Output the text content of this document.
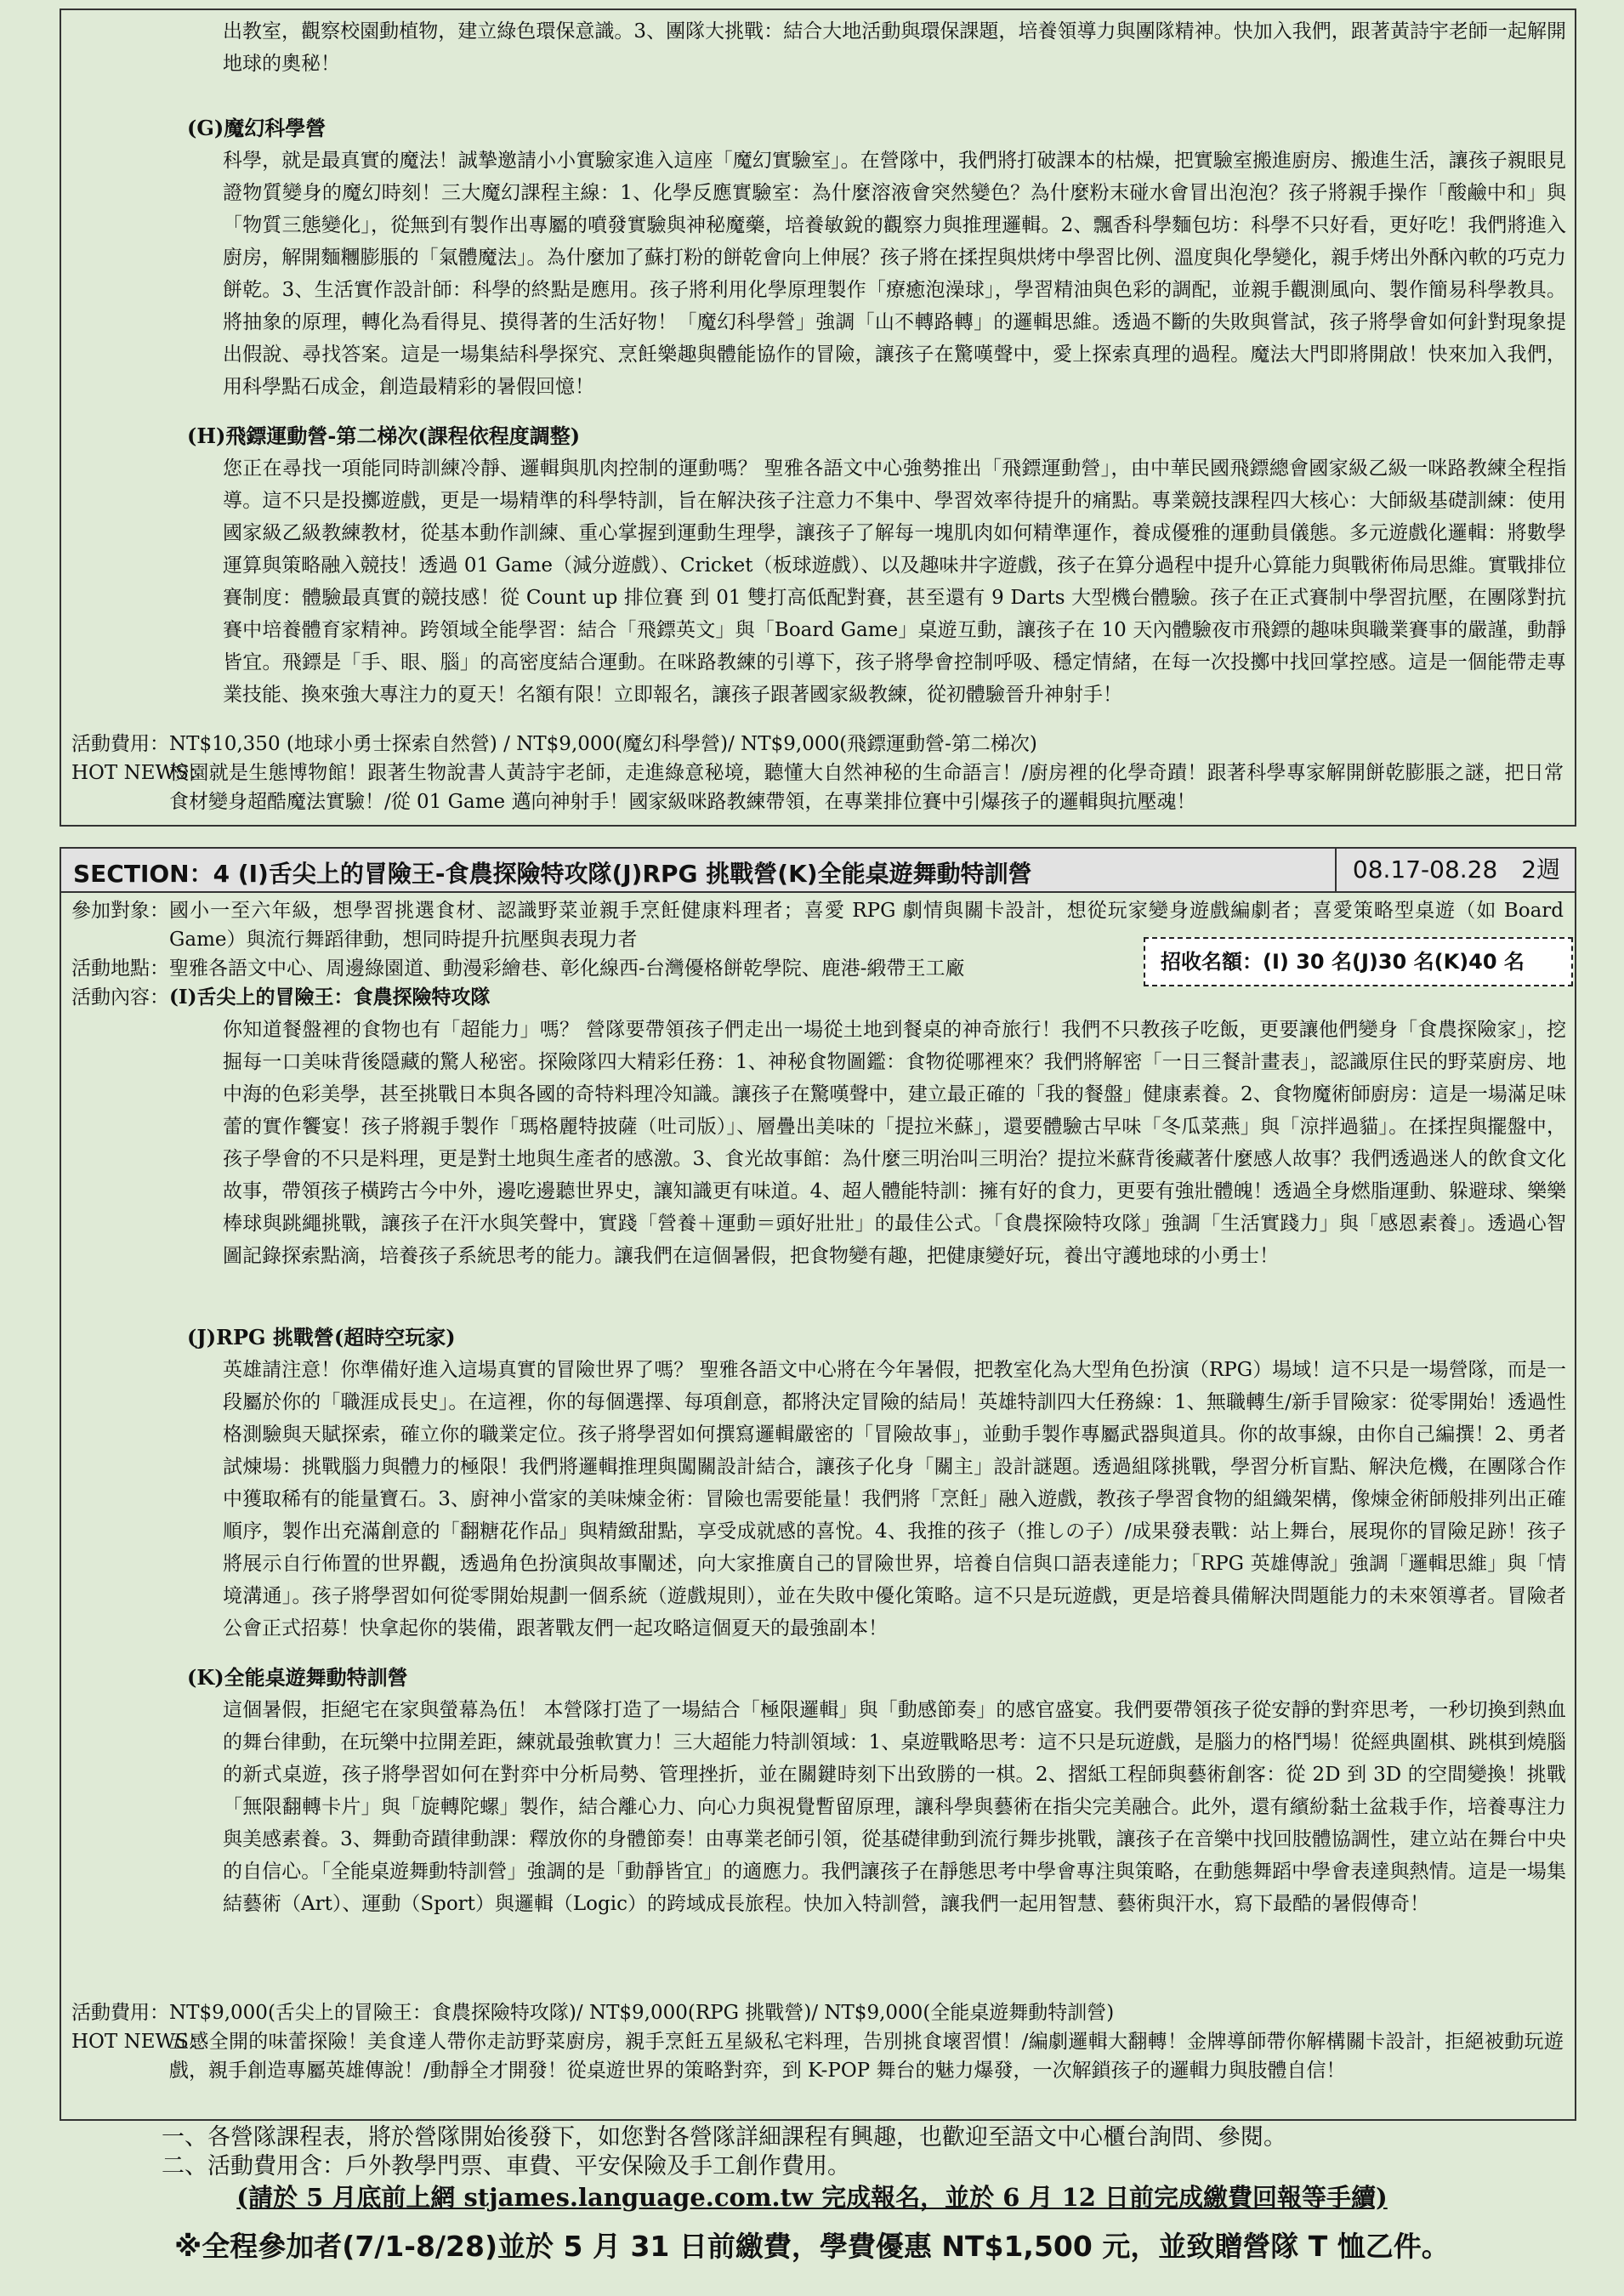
出教室，觀察校園動植物，建立綠色環保意識。3、團隊大挑戰：結合大地活動與環保課題，培養領導力與團隊精神。快加入我們，跟著黃詩宇老師一起解開地球的奧秘！
(G)魔幻科學營
科學，就是最真實的魔法！誠摯邀請小小實驗家進入這座「魔幻實驗室」。在營隊中，我們將打破課本的枯燥，把實驗室搬進廚房、搬進生活，讓孩子親眼見證物質變身的魔幻時刻！三大魔幻課程主線：1、化學反應實驗室：為什麼溶液會突然變色？為什麼粉末碰水會冒出泡泡？孩子將親手操作「酸鹼中和」與「物質三態變化」，從無到有製作出專屬的噴發實驗與神秘魔藥，培養敏銳的觀察力與推理邏輯。2、飄香科學麵包坊：科學不只好看，更好吃！我們將進入廚房，解開麵糰膨脹的「氣體魔法」。為什麼加了蘇打粉的餅乾會向上伸展？孩子將在揉捏與烘烤中學習比例、溫度與化學變化，親手烤出外酥內軟的巧克力餅乾。3、生活實作設計師：科學的終點是應用。孩子將利用化學原理製作「療癒泡澡球」，學習精油與色彩的調配，並親手觀測風向、製作簡易科學教具。將抽象的原理，轉化為看得見、摸得著的生活好物！「魔幻科學營」強調「山不轉路轉」的邏輯思維。透過不斷的失敗與嘗試，孩子將學會如何針對現象提出假說、尋找答案。這是一場集結科學探究、烹飪樂趣與體能協作的冒險，讓孩子在驚嘆聲中，愛上探索真理的過程。魔法大門即將開啟！快來加入我們，用科學點石成金，創造最精彩的暑假回憶！
(H)飛鏢運動營-第二梯次(課程依程度調整)
您正在尋找一項能同時訓練冷靜、邏輯與肌肉控制的運動嗎？ 聖雅各語文中心強勢推出「飛鏢運動營」，由中華民國飛鏢總會國家級乙級一咪路教練全程指導。這不只是投擲遊戲，更是一場精準的科學特訓，旨在解決孩子注意力不集中、學習效率待提升的痛點。專業競技課程四大核心：大師級基礎訓練：使用國家級乙級教練教材，從基本動作訓練、重心掌握到運動生理學，讓孩子了解每一塊肌肉如何精準運作，養成優雅的運動員儀態。多元遊戲化邏輯：將數學運算與策略融入競技！透過 01 Game（減分遊戲）、Cricket（板球遊戲）、以及趣味井字遊戲，孩子在算分過程中提升心算能力與戰術佈局思維。實戰排位賽制度：體驗最真實的競技感！從 Count up 排位賽 到 01 雙打高低配對賽，甚至還有 9 Darts 大型機台體驗。孩子在正式賽制中學習抗壓，在團隊對抗賽中培養體育家精神。跨領域全能學習：結合「飛鏢英文」與「Board Game」桌遊互動，讓孩子在 10 天內體驗夜市飛鏢的趣味與職業賽事的嚴謹，動靜皆宜。飛鏢是「手、眼、腦」的高密度結合運動。在咪路教練的引導下，孩子將學會控制呼吸、穩定情緒，在每一次投擲中找回掌控感。這是一個能帶走專業技能、換來強大專注力的夏天！名額有限！立即報名，讓孩子跟著國家級教練，從初體驗晉升神射手！
活動費用： NT$10,350 (地球小勇士探索自然營) / NT$9,000(魔幻科學營)/ NT$9,000(飛鏢運動營-第二梯次)
HOT NEWS：
校園就是生態博物館！跟著生物說書人黃詩宇老師，走進綠意秘境，聽懂大自然神秘的生命語言！/廚房裡的化學奇蹟！跟著科學專家解開餅乾膨脹之謎，把日常食材變身超酷魔法實驗！/從 01 Game 邁向神射手！國家級咪路教練帶領，在專業排位賽中引爆孩子的邏輯與抗壓魂！
SECTION：4 (I)舌尖上的冒險王-食農探險特攻隊(J)RPG 挑戰營(K)全能桌遊舞動特訓營	08.17-08.28　2週
參加對象： 國小一至六年級，想學習挑選食材、認識野菜並親手烹飪健康料理者；喜愛 RPG 劇情與關卡設計，想從玩家變身遊戲編劇者；喜愛策略型桌遊（如 Board Game）與流行舞蹈律動，想同時提升抗壓與表現力者
活動地點： 聖雅各語文中心、周邊綠園道、動漫彩繪巷、彰化線西-台灣優格餅乾學院、鹿港-緞帶王工廠	招收名額：(I) 30 名(J)30 名(K)40 名
活動內容： (I)舌尖上的冒險王：食農探險特攻隊
你知道餐盤裡的食物也有「超能力」嗎？ 營隊要帶領孩子們走出一場從土地到餐桌的神奇旅行！我們不只教孩子吃飯，更要讓他們變身「食農探險家」，挖掘每一口美味背後隱藏的驚人秘密。探險隊四大精彩任務：1、神秘食物圖鑑：食物從哪裡來？我們將解密「一日三餐計畫表」，認識原住民的野菜廚房、地中海的色彩美學，甚至挑戰日本與各國的奇特料理冷知識。讓孩子在驚嘆聲中，建立最正確的「我的餐盤」健康素養。2、食物魔術師廚房：這是一場滿足味蕾的實作饗宴！孩子將親手製作「瑪格麗特披薩（吐司版）」、層疊出美味的「提拉米蘇」，還要體驗古早味「冬瓜菜燕」與「涼拌過貓」。在揉捏與擺盤中，孩子學會的不只是料理，更是對土地與生產者的感激。3、食光故事館：為什麼三明治叫三明治？提拉米蘇背後藏著什麼感人故事？我們透過迷人的飲食文化故事，帶領孩子橫跨古今中外，邊吃邊聽世界史，讓知識更有味道。4、超人體能特訓：擁有好的食力，更要有強壯體魄！透過全身燃脂運動、躲避球、樂樂棒球與跳繩挑戰，讓孩子在汗水與笑聲中，實踐「營養＋運動＝頭好壯壯」的最佳公式。「食農探險特攻隊」強調「生活實踐力」與「感恩素養」。透過心智圖記錄探索點滴，培養孩子系統思考的能力。讓我們在這個暑假，把食物變有趣，把健康變好玩，養出守護地球的小勇士！
(J)RPG 挑戰營(超時空玩家)
英雄請注意！你準備好進入這場真實的冒險世界了嗎？ 聖雅各語文中心將在今年暑假，把教室化為大型角色扮演（RPG）場域！這不只是一場營隊，而是一段屬於你的「職涯成長史」。在這裡，你的每個選擇、每項創意，都將決定冒險的結局！英雄特訓四大任務線：1、無職轉生/新手冒險家：從零開始！透過性格測驗與天賦探索，確立你的職業定位。孩子將學習如何撰寫邏輯嚴密的「冒險故事」，並動手製作專屬武器與道具。你的故事線，由你自己編撰！2、勇者試煉場：挑戰腦力與體力的極限！我們將邏輯推理與闖關設計結合，讓孩子化身「關主」設計謎題。透過組隊挑戰，學習分析盲點、解決危機，在團隊合作中獲取稀有的能量寶石。3、廚神小當家的美味煉金術：冒險也需要能量！我們將「烹飪」融入遊戲，教孩子學習食物的組織架構，像煉金術師般排列出正確順序，製作出充滿創意的「翻糖花作品」與精緻甜點，享受成就感的喜悅。4、我推的孩子（推しの子）/成果發表戰：站上舞台，展現你的冒險足跡！孩子將展示自行佈置的世界觀，透過角色扮演與故事闡述，向大家推廣自己的冒險世界，培養自信與口語表達能力；「RPG 英雄傳說」強調「邏輯思維」與「情境溝通」。孩子將學習如何從零開始規劃一個系統（遊戲規則），並在失敗中優化策略。這不只是玩遊戲，更是培養具備解決問題能力的未來領導者。冒險者公會正式招募！快拿起你的裝備，跟著戰友們一起攻略這個夏天的最強副本！
(K)全能桌遊舞動特訓營
這個暑假，拒絕宅在家與螢幕為伍！ 本營隊打造了一場結合「極限邏輯」與「動感節奏」的感官盛宴。我們要帶領孩子從安靜的對弈思考，一秒切換到熱血的舞台律動，在玩樂中拉開差距，練就最強軟實力！三大超能力特訓領域：1、桌遊戰略思考：這不只是玩遊戲，是腦力的格鬥場！從經典圍棋、跳棋到燒腦的新式桌遊，孩子將學習如何在對弈中分析局勢、管理挫折，並在關鍵時刻下出致勝的一棋。2、摺紙工程師與藝術創客：從 2D 到 3D 的空間變換！挑戰「無限翻轉卡片」與「旋轉陀螺」製作，結合離心力、向心力與視覺暫留原理，讓科學與藝術在指尖完美融合。此外，還有繽紛黏土盆栽手作，培養專注力與美感素養。3、舞動奇蹟律動課：釋放你的身體節奏！由專業老師引領，從基礎律動到流行舞步挑戰，讓孩子在音樂中找回肢體協調性，建立站在舞台中央的自信心。「全能桌遊舞動特訓營」強調的是「動靜皆宜」的適應力。我們讓孩子在靜態思考中學會專注與策略，在動態舞蹈中學會表達與熱情。這是一場集結藝術（Art）、運動（Sport）與邏輯（Logic）的跨域成長旅程。快加入特訓營，讓我們一起用智慧、藝術與汗水，寫下最酷的暑假傳奇！
活動費用： NT$9,000(舌尖上的冒險王：食農探險特攻隊)/ NT$9,000(RPG 挑戰營)/ NT$9,000(全能桌遊舞動特訓營)
HOT NEWS：
五感全開的味蕾探險！美食達人帶你走訪野菜廚房，親手烹飪五星級私宅料理，告別挑食壞習慣！/編劇邏輯大翻轉！金牌導師帶你解構關卡設計，拒絕被動玩遊戲，親手創造專屬英雄傳說！/動靜全才開發！從桌遊世界的策略對弈，到 K-POP 舞台的魅力爆發，一次解鎖孩子的邏輯力與肢體自信！
一、各營隊課程表，將於營隊開始後發下，如您對各營隊詳細課程有興趣，也歡迎至語文中心櫃台詢問、參閱。
二、活動費用含：戶外教學門票、車費、平安保險及手工創作費用。
(請於 5 月底前上網 stjames.language.com.tw 完成報名，並於 6 月 12 日前完成繳費回報等手續)
※全程參加者(7/1-8/28)並於 5 月 31 日前繳費，學費優惠 NT$1,500 元，並致贈營隊 T 恤乙件。
